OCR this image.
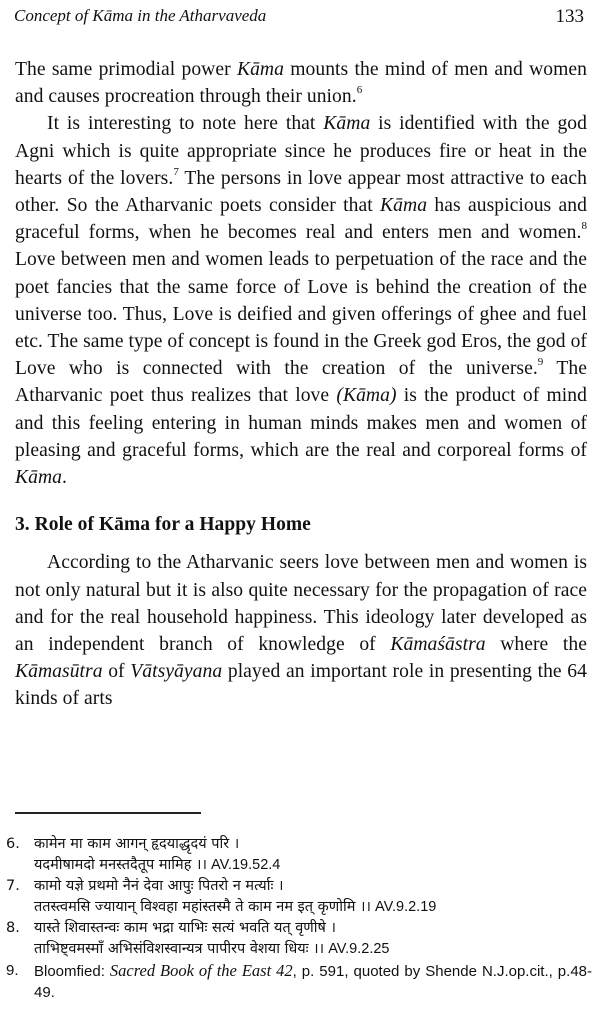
Concept of Kāma in the Atharvaveda	133

The same primodial power Kāma mounts the mind of men and women and causes procreation through their union.$^6$

It is interesting to note here that Kāma is identified with the god Agni which is quite appropriate since he produces fire or heat in the hearts of the lovers.$^7$ The persons in love appear most attractive to each other. So the Atharvanic poets consider that Kāma has auspicious and graceful forms, when he becomes real and enters men and women.$^8$ Love between men and women leads to perpetuation of the race and the poet fancies that the same force of Love is behind the creation of the universe too. Thus, Love is deified and given offerings of ghee and fuel etc. The same type of concept is found in the Greek god Eros, the god of Love who is connected with the creation of the universe.$^9$ The Atharvanic poet thus realizes that love (Kāma) is the product of mind and this feeling entering in human minds makes men and women of pleasing and graceful forms, which are the real and corporeal forms of Kāma.

3. Role of Kāma for a Happy Home

According to the Atharvanic seers love between men and women is not only natural but it is also quite necessary for the propagation of race and for the real household happiness. This ideology later developed as an independent branch of knowledge of Kāmaśāstra where the Kāmasūtra of Vātsyāyana played an important role in presenting the 64 kinds of arts

6. कामेन मा काम आगन् हृदयाद्धृदयं परि ।
यदमीषामदो मनस्तदैतूप मामिह ।। AV.19.52.4
7. कामो यज्ञे प्रथमो नैनं देवा आपुः पितरो न मर्त्याः ।
ततस्त्वमसि ज्यायान् विश्वहा महांस्तस्मै ते काम नम इत् कृणोमि ।। AV.9.2.19
8. यास्ते शिवास्तन्वः काम भद्रा याभिः सत्यं भवति यत् वृणीषे ।
ताभिष्ट्वमस्माँ अभिसंविशस्वान्यत्र पापीरप वेशया धियः ।। AV.9.2.25
9.	Bloomfied: Sacred Book of the East 42, p. 591, quoted by Shende N.J.op.cit., p.48-49.
